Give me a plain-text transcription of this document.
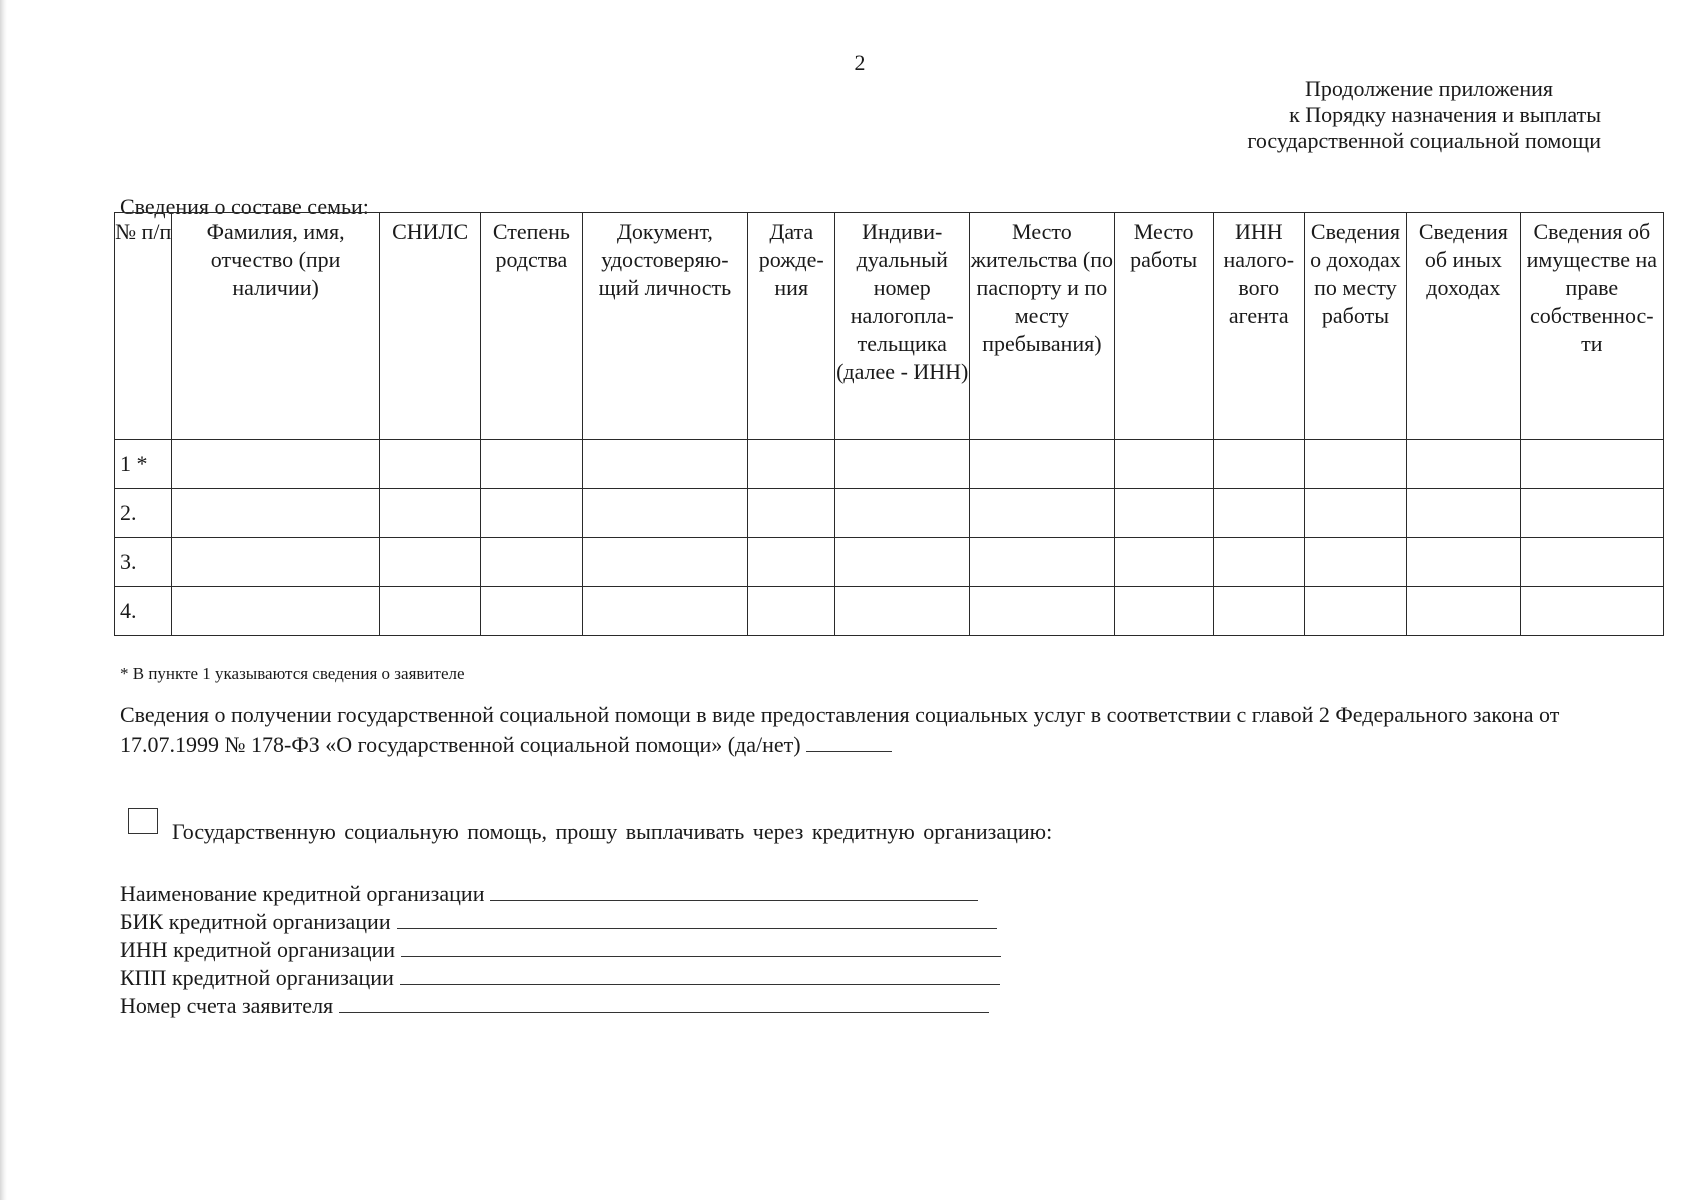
2
Продолжение приложения
к Порядку назначения и выплаты
государственной социальной помощи
Сведения о составе семьи:
№ п/п	Фамилия, имя, отчество (при наличии)	СНИЛС	Степень родства	Документ, удостоверяю-щий личность	Дата рожде-ния	Индиви-дуальный номер налогопла-тельщика (далее - ИНН)	Место жительства (по паспорту и по месту пребывания)	Место работы	ИНН налого-вого агента	Сведения о доходах по месту работы	Сведения об иных доходах	Сведения об имуществе на праве собственнос-ти
1 *												
2.												
3.												
4.												
* В пункте 1 указываются сведения о заявителе
Сведения о получении государственной социальной помощи в виде предоставления социальных услуг в соответствии с главой 2 Федерального закона от 17.07.1999 № 178-ФЗ «О государственной социальной помощи» (да/нет)
Государственную социальную помощь, прошу выплачивать через кредитную организацию:
Наименование кредитной организации
БИК кредитной организации
ИНН кредитной организации
КПП кредитной организации
Номер счета заявителя
